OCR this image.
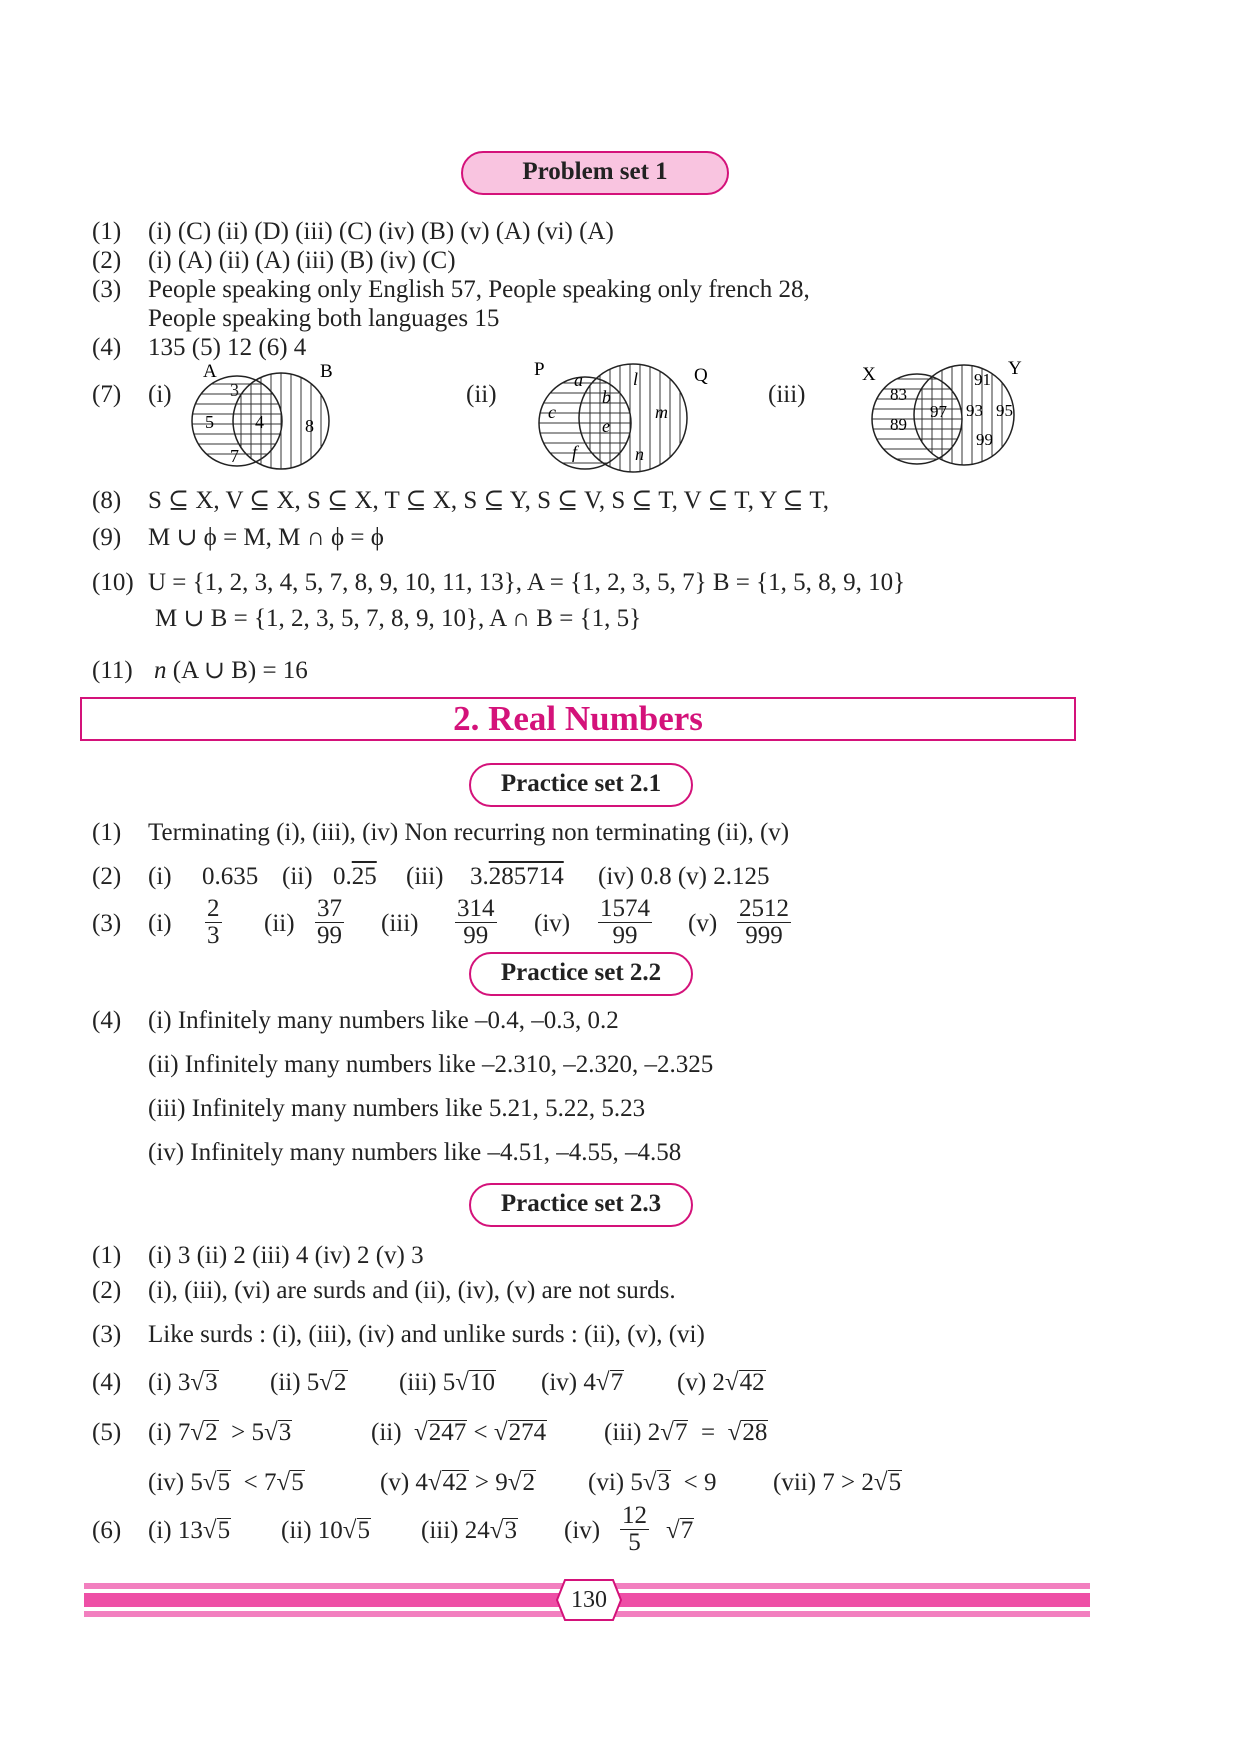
Problem set 1
(1) (i) (C) (ii) (D) (iii) (C) (iv) (B) (v) (A) (vi) (A)
(2) (i) (A) (ii) (A) (iii) (B) (iv) (C)
(3) People speaking only English 57, People speaking only french 28,
People speaking both languages 15
(4) 135 (5) 12 (6) 4
(7) (i)	(ii)	(iii)
A	B
3
5 4 8
7
P	Q
a
b
c
e
f
l
m
n
X	Y
83
89
97
91
93 95
99
(8) S ⊆ X, V ⊆ X, S ⊆ X, T ⊆ X, S ⊆ Y, S ⊆ V, S ⊆ T, V ⊆ T, Y ⊆ T,
(9) M ∪ ϕ = M, M ∩ ϕ = ϕ
(10) U = {1, 2, 3, 4, 5, 7, 8, 9, 10, 11, 13}, A = {1, 2, 3, 5, 7} B = {1, 5, 8, 9, 10}
M ∪ B = {1, 2, 3, 5, 7, 8, 9, 10}, A ∩ B = {1, 5}
(11) n (A ∪ B) = 16
2. Real Numbers
Practice set 2.1
(1) Terminating (i), (iii), (iv) Non recurring non terminating (ii), (v)
(2) (i) 0.635 (ii) 0.25 (iii) 3.285714 (iv) 0.8 (v) 2.125
(3) $(i) \frac{2}{3} (ii) \frac{37}{99} (iii) \frac{314}{99} (iv) \frac{1574}{99} (v) \frac{2512}{999}$
Practice set 2.2
(4) (i) Infinitely many numbers like –0.4, –0.3, 0.2
(ii) Infinitely many numbers like –2.310, –2.320, –2.325
(iii) Infinitely many numbers like 5.21, 5.22, 5.23
(iv) Infinitely many numbers like –4.51, –4.55, –4.58
Practice set 2.3
(1) (i) 3 (ii) 2 (iii) 4 (iv) 2 (v) 3
(2) (i), (iii), (vi) are surds and (ii), (iv), (v) are not surds.
(3) Like surds : (i), (iii), (iv) and unlike surds : (ii), (v), (vi)
(4) (i) 3√3 (ii) 5√2 (iii) 5√10 (iv) 4√7 (v) 2√42
(5) (i) 7√2 > 5√3	(ii)  √247 < √274 (iii) 2√7 =  √28
(iv) 5√5 < 7√5	(v) 4√42 > 9√2 (vi) 5√3 < 9 (vii) 7 > 2√5
(6) (i) 13√5 (ii) 10√5 (iii) 24√3 $(iv) \frac{12}{5} √7$
130
